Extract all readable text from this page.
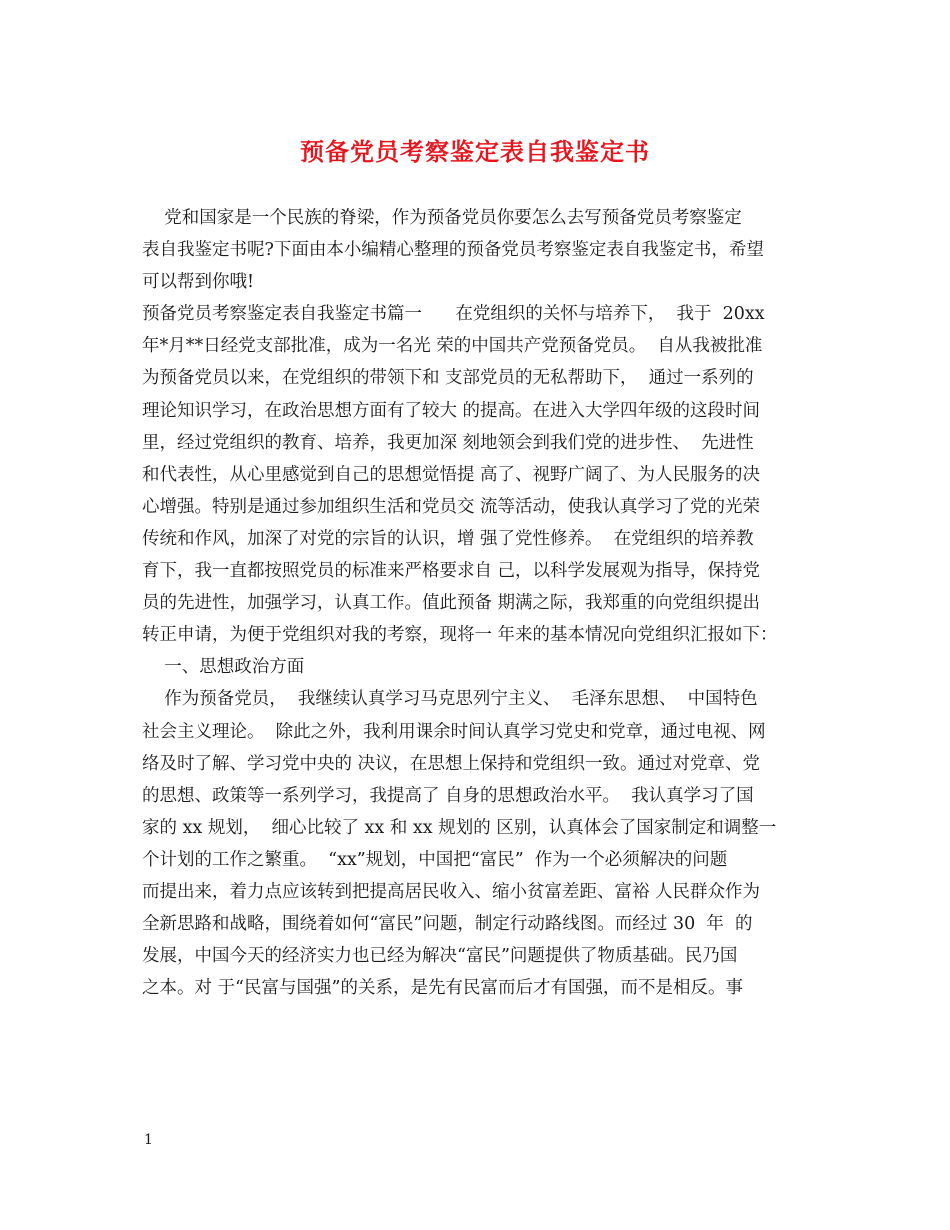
预备党员考察鉴定表自我鉴定书
党和国家是一个民族的脊梁，作为预备党员你要怎么去写预备党员考察鉴定
表自我鉴定书呢?下面由本小编精心整理的预备党员考察鉴定表自我鉴定书，希望
可以帮到你哦!
预备党员考察鉴定表自我鉴定书篇一      在党组织的关怀与培养下，  我于  20xx
年*月**日经党支部批准，成为一名光 荣的中国共产党预备党员。  自从我被批准
为预备党员以来，在党组织的带领下和 支部党员的无私帮助下，  通过一系列的
理论知识学习，在政治思想方面有了较大 的提高。在进入大学四年级的这段时间
里，经过党组织的教育、培养，我更加深 刻地领会到我们党的进步性、  先进性
和代表性，从心里感觉到自己的思想觉悟提 高了、视野广阔了、为人民服务的决
心增强。特别是通过参加组织生活和党员交 流等活动，使我认真学习了党的光荣
传统和作风，加深了对党的宗旨的认识，增 强了党性修养。  在党组织的培养教
育下，我一直都按照党员的标准来严格要求自 己，以科学发展观为指导，保持党
员的先进性，加强学习，认真工作。值此预备 期满之际，我郑重的向党组织提出
转正申请，为便于党组织对我的考察，现将一 年来的基本情况向党组织汇报如下：
一、思想政治方面
作为预备党员，  我继续认真学习马克思列宁主义、  毛泽东思想、  中国特色
社会主义理论。  除此之外，我利用课余时间认真学习党史和党章，通过电视、网
络及时了解、学习党中央的 决议，在思想上保持和党组织一致。通过对党章、党
的思想、政策等一系列学习，我提高了 自身的思想政治水平。  我认真学习了国
家的 xx 规划，  细心比较了 xx 和 xx 规划的 区别，认真体会了国家制定和调整一
个计划的工作之繁重。  “xx”规划，中国把“富民”  作为一个必须解决的问题
而提出来，着力点应该转到把提高居民收入、缩小贫富差距、富裕 人民群众作为
全新思路和战略，围绕着如何“富民”问题，制定行动路线图。而经过 30  年  的
发展，中国今天的经济实力也已经为解决“富民”问题提供了物质基础。民乃国
之本。对 于“民富与国强”的关系，是先有民富而后才有国强，而不是相反。事
1
